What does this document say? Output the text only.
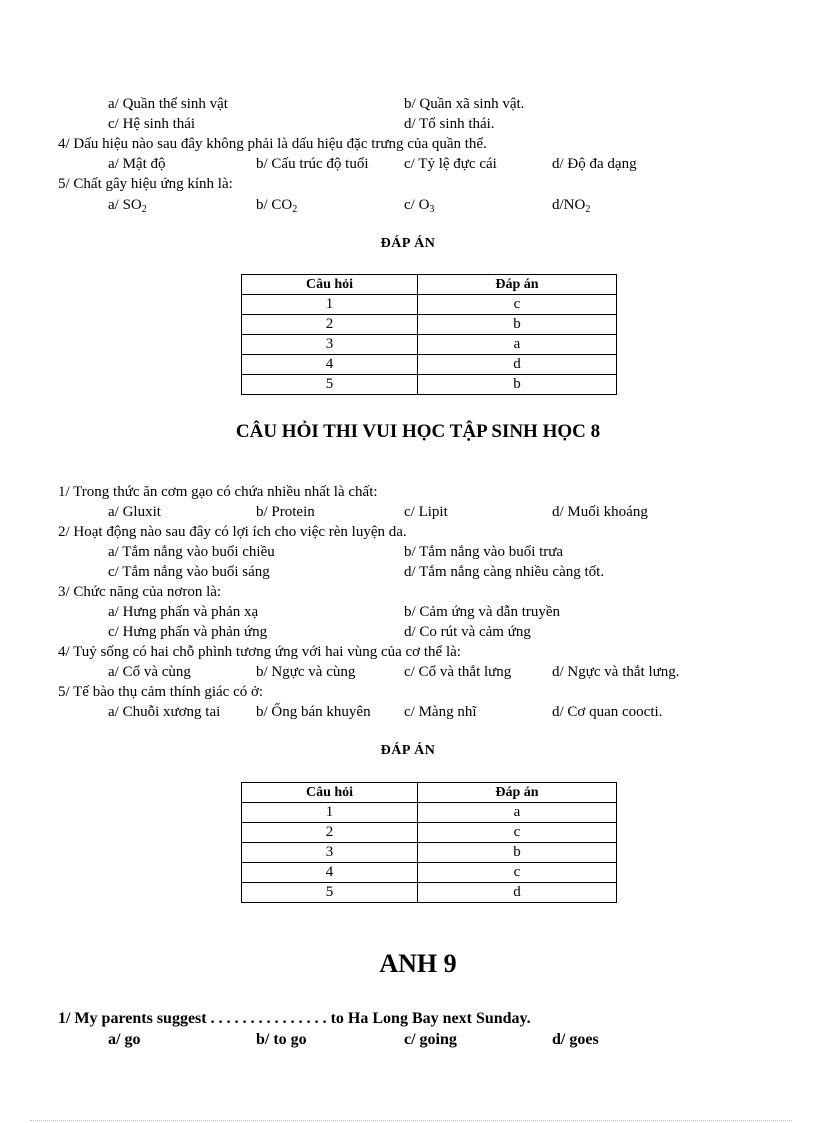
a/ Quần thể sinh vật	b/ Quần xã sinh vật.
c/ Hệ sinh thái	d/ Tổ sinh thái.
4/ Dấu hiệu nào sau đây không phải là dấu hiệu đặc trưng của quần thể.
a/ Mật độ	b/ Cấu trúc độ tuổi c/ Tỷ lệ đực cái	d/ Độ đa dạng
5/ Chất gây hiệu ứng kính là:
a/ $SO_2$	b/ $CO_2$	c/ $O_3$	$d/NO_2$
ĐÁP ÁN
Câu hỏi	Đáp án
1	c
2	b
3	a
4	d
5	b
CÂU HỎI THI VUI HỌC TẬP SINH HỌC 8
1/ Trong thức ăn cơm gạo có chứa nhiều nhất là chất:
a/ Gluxit	b/ Protein	c/ Lipit	d/ Muối khoáng
2/ Hoạt động nào sau đây có lợi ích cho việc rèn luyện da.
a/ Tắm nắng vào buổi chiều	b/ Tắm nắng vào buổi trưa
c/ Tắm nắng vào buổi sáng	d/ Tắm nắng càng nhiều càng tốt.
3/ Chức năng của nơron là:
a/ Hưng phấn và phản xạ	b/ Cảm ứng và dẫn truyền
c/ Hưng phấn và phản ứng	d/ Co rút và cảm ứng
4/ Tuỷ sống có hai chỗ phình tương ứng với hai vùng của cơ thể là:
a/ Cổ và cùng	b/ Ngực và cùng	c/ Cổ và thắt lưng	d/ Ngực và thắt lưng.
5/ Tế bào thụ cảm thính giác có ở:
a/ Chuỗi xương tai b/ Ống bán khuyên c/ Màng nhĩ	d/ Cơ quan coocti.
ĐÁP ÁN
Câu hỏi	Đáp án
1	a
2	c
3	b
4	c
5	d
ANH 9
1/ My parents suggest . . . . . . . . . . . . . . . to Ha Long Bay next Sunday.
a/ go	b/ to go	c/ going	d/ goes
